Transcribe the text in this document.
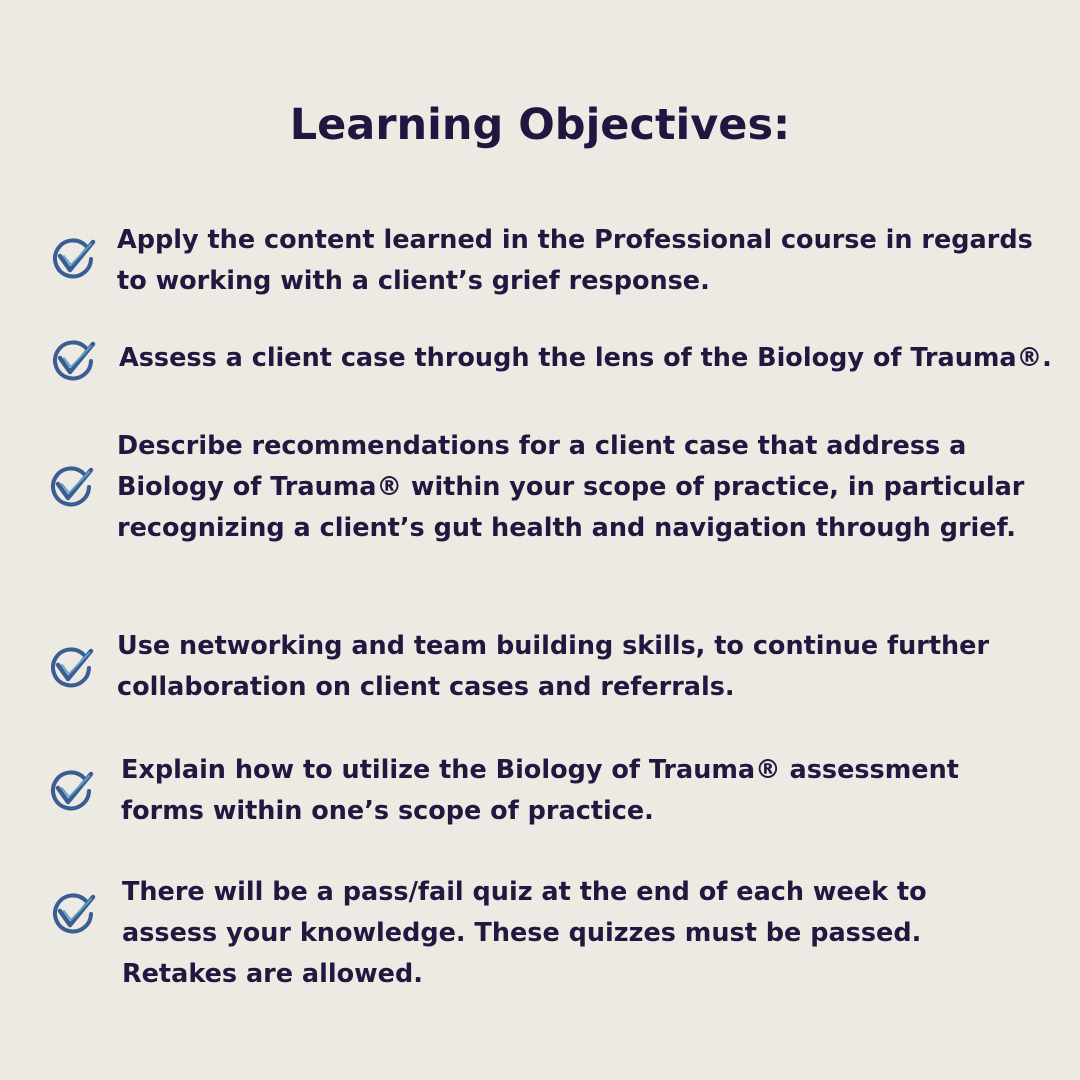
Learning Objectives:
Apply the content learned in the Professional course in regards
to working with a client’s grief response.
Assess a client case through the lens of the Biology of Trauma®.
Describe recommendations for a client case that address a
Biology of Trauma® within your scope of practice, in particular
recognizing a client’s gut health and navigation through grief.
Use networking and team building skills, to continue further
collaboration on client cases and referrals.
Explain how to utilize the Biology of Trauma® assessment
forms within one’s scope of practice.
There will be a pass/fail quiz at the end of each week to
assess your knowledge. These quizzes must be passed.
Retakes are allowed.
